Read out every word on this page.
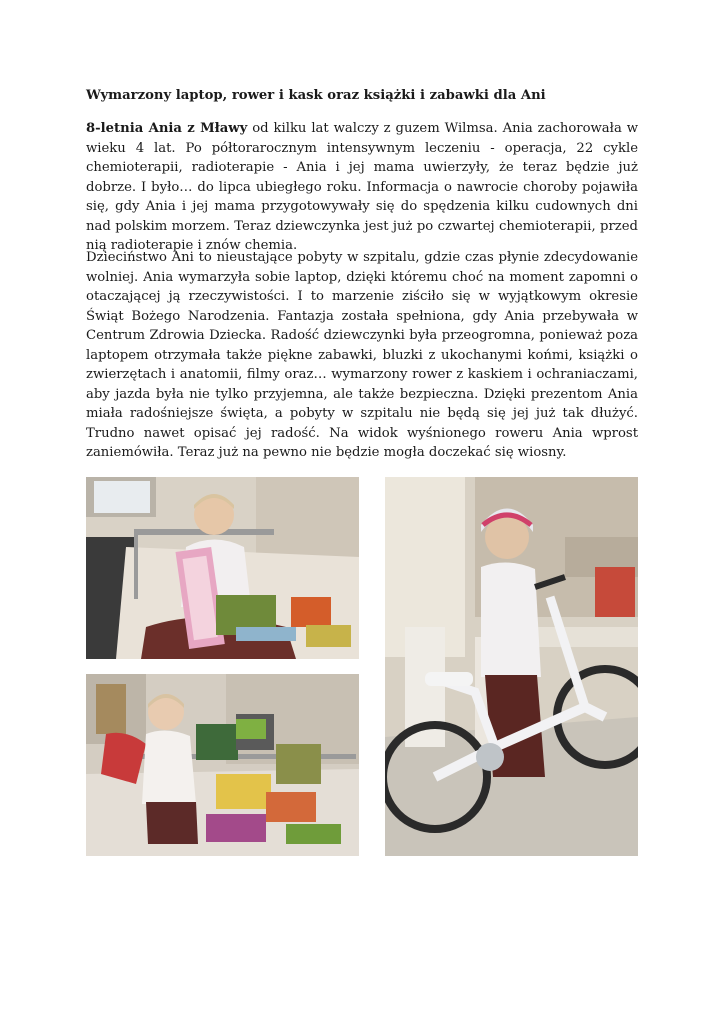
Wymarzony laptop, rower i kask oraz książki i zabawki dla Ani

8-letnia Ania z Mławy od kilku lat walczy z guzem Wilmsa. Ania zachorowała w wieku 4 lat. Po półtorarocznym intensywnym leczeniu - operacja, 22 cykle chemioterapii, radioterapie - Ania i jej mama uwierzyły, że teraz będzie już dobrze. I było… do lipca ubiegłego roku. Informacja o nawrocie choroby pojawiła się, gdy Ania i jej mama przygotowywały się do spędzenia kilku cudownych dni nad polskim morzem. Teraz dziewczynka jest już po czwartej chemioterapii, przed nią radioterapie i znów chemia.

Dzieciństwo Ani to nieustające pobyty w szpitalu, gdzie czas płynie zdecydowanie wolniej. Ania wymarzyła sobie laptop, dzięki któremu choć na moment zapomni o otaczającej ją rzeczywistości. I to marzenie ziściło się w wyjątkowym okresie Świąt Bożego Narodzenia. Fantazja została spełniona, gdy Ania przebywała w Centrum Zdrowia Dziecka. Radość dziewczynki była przeogromna, ponieważ poza laptopem otrzymała także piękne zabawki, bluzki z ukochanymi końmi, książki o zwierzętach i anatomii, filmy oraz… wymarzony rower z kaskiem i ochraniaczami, aby jazda była nie tylko przyjemna, ale także bezpieczna. Dzięki prezentom Ania miała radośniejsze święta, a pobyty w szpitalu nie będą się jej już tak dłużyć. Trudno nawet opisać jej radość. Na widok wyśnionego roweru Ania wprost zaniemówiła. Teraz już na pewno nie będzie mogła doczekać się wiosny.
